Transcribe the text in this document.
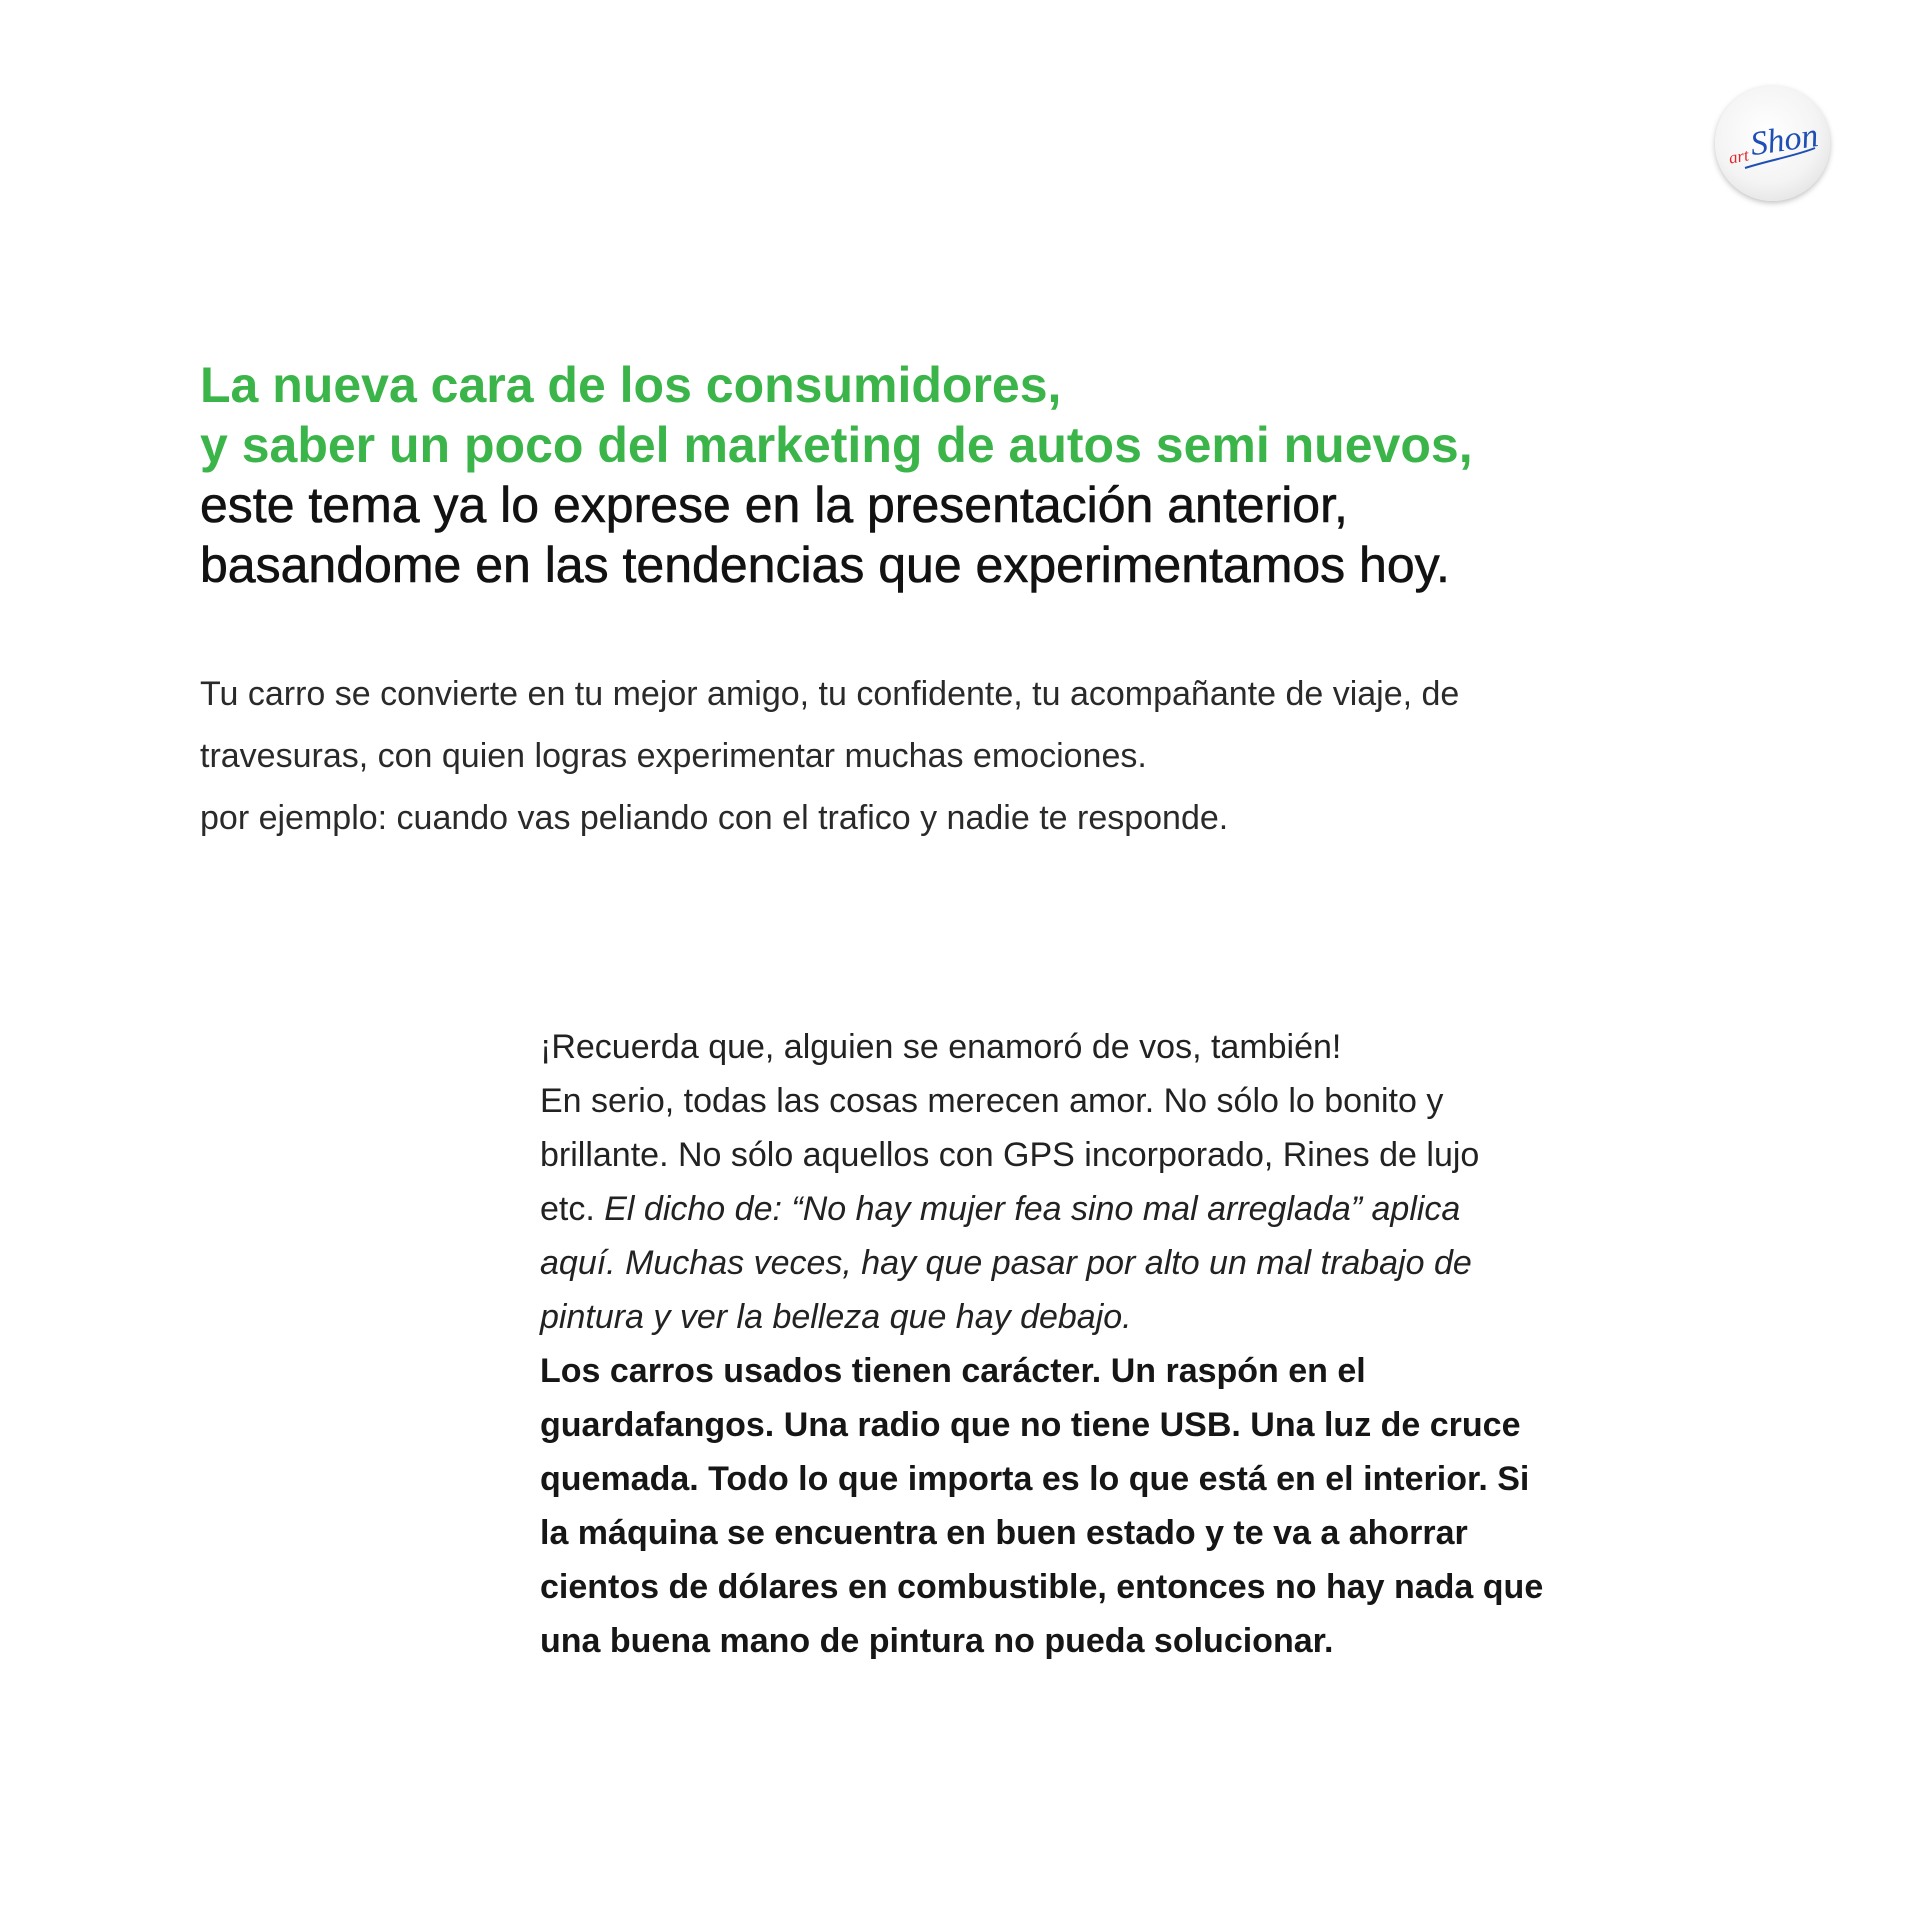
art
Shon
La nueva cara de los consumidores,
y saber un poco del marketing de autos semi nuevos,
este tema ya lo exprese en la presentación anterior,
basandome en las tendencias que experimentamos hoy.
Tu carro se convierte en tu mejor amigo, tu confidente, tu acompañante de viaje, de
travesuras, con quien logras experimentar muchas emociones.
por ejemplo: cuando vas peliando con el trafico y nadie te responde.
¡Recuerda que, alguien se enamoró de vos, también!
En serio, todas las cosas merecen amor. No sólo lo bonito y
brillante. No sólo aquellos con GPS incorporado, Rines de lujo
etc. El dicho de: “No hay mujer fea sino mal arreglada” aplica
aquí. Muchas veces, hay que pasar por alto un mal trabajo de
pintura y ver la belleza que hay debajo.
Los carros usados tienen carácter. Un raspón en el
guardafangos. Una radio que no tiene USB. Una luz de cruce
quemada. Todo lo que importa es lo que está en el interior. Si
la máquina se encuentra en buen estado y te va a ahorrar
cientos de dólares en combustible, entonces no hay nada que
una buena mano de pintura no pueda solucionar.
